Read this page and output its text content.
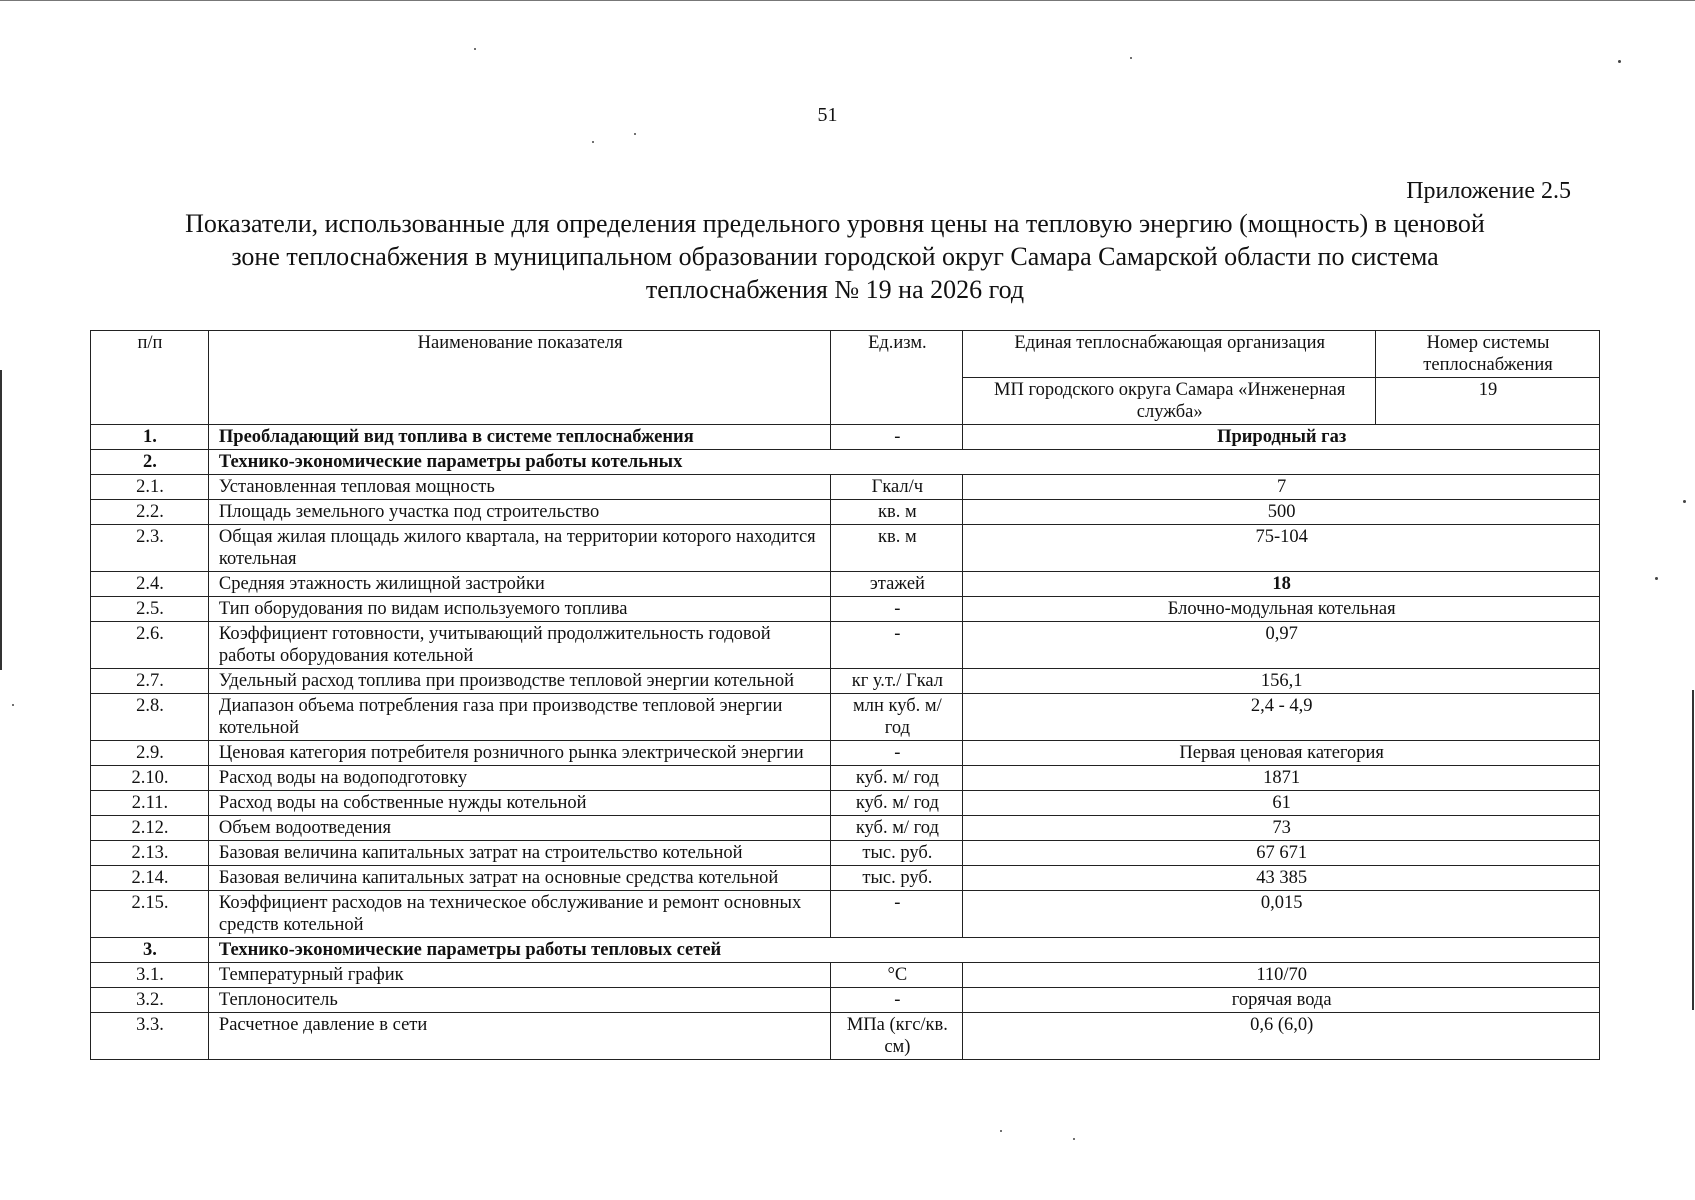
51
Приложение 2.5
Показатели, использованные для определения предельного уровня цены на тепловую энергию (мощность) в ценовой
зоне теплоснабжения в муниципальном образовании городской округ Самара Самарской области по система
теплоснабжения № 19 на 2026 год
п/п	Наименование показателя	Ед.изм.	Единая теплоснабжающая организация	Номер системы теплоснабжения
			МП городского округа Самара «Инженерная служба»	19
1.	Преобладающий вид топлива в системе теплоснабжения	-	Природный газ	
2.	Технико-экономические параметры работы котельных			
2.1.	Установленная тепловая мощность	Гкал/ч	7	
2.2.	Площадь земельного участка под строительство	кв. м	500	
2.3.	Общая жилая площадь жилого квартала, на территории которого находится котельная	кв. м	75-104	
2.4.	Средняя этажность жилищной застройки	этажей	18	
2.5.	Тип оборудования по видам используемого топлива	-	Блочно-модульная котельная	
2.6.	Коэффициент готовности, учитывающий продолжительность годовой работы оборудования котельной	-	0,97	
2.7.	Удельный расход топлива при производстве тепловой энергии котельной	кг у.т./ Гкал	156,1	
2.8.	Диапазон объема потребления газа при производстве тепловой энергии котельной	млн куб. м/год	2,4 - 4,9	
2.9.	Ценовая категория потребителя розничного рынка электрической энергии	-	Первая ценовая категория	
2.10.	Расход воды на водоподготовку	куб. м/ год	1871	
2.11.	Расход воды на собственные нужды котельной	куб. м/ год	61	
2.12.	Объем водоотведения	куб. м/ год	73	
2.13.	Базовая величина капитальных затрат на строительство котельной	тыс. руб.	67 671	
2.14.	Базовая величина капитальных затрат на основные средства котельной	тыс. руб.	43 385	
2.15.	Коэффициент расходов на техническое обслуживание и ремонт основных средств котельной	-	0,015	
3.	Технико-экономические параметры работы тепловых сетей			
3.1.	Температурный график	°С	110/70	
3.2.	Теплоноситель	-	горячая вода	
3.3.	Расчетное давление в сети	МПа (кгс/кв. см)	0,6 (6,0)	
